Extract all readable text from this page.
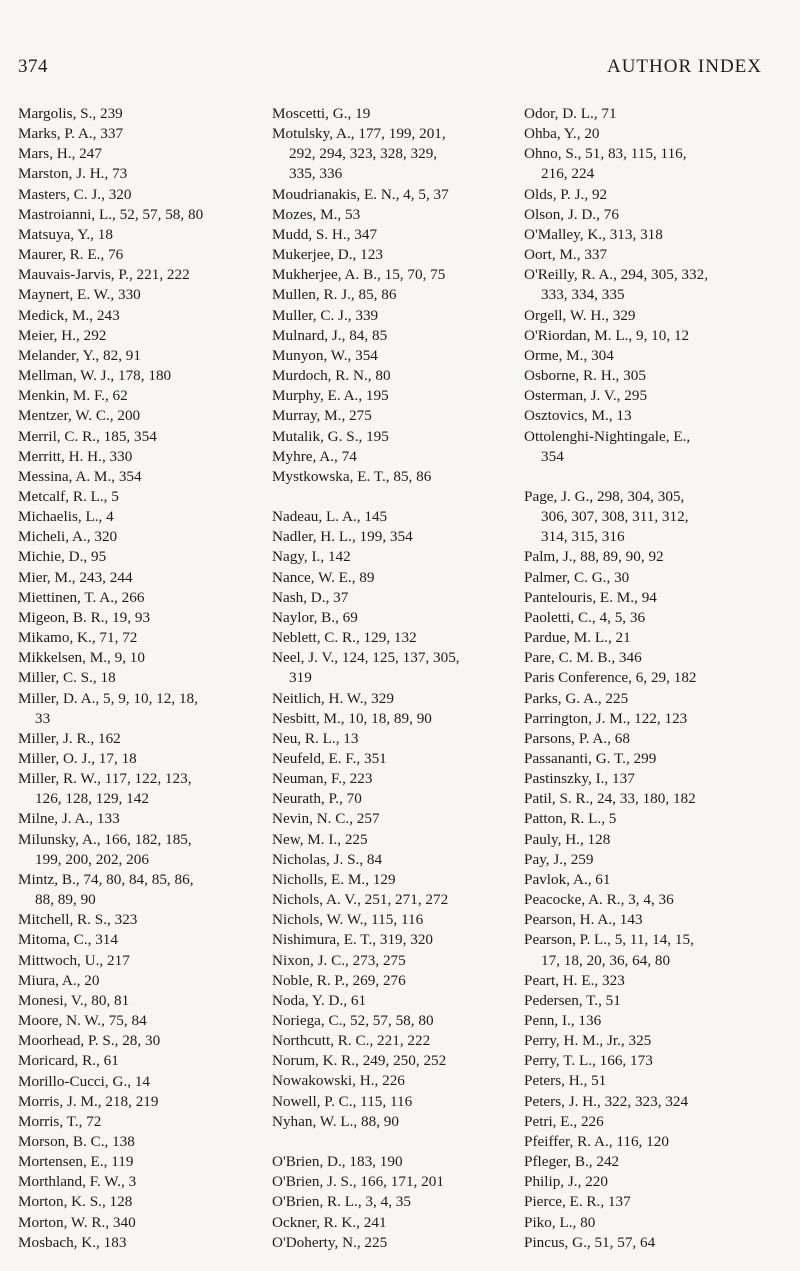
374	AUTHOR INDEX

Margolis, S., 239

Marks, P. A., 337

Mars, H., 247

Marston, J. H., 73

Masters, C. J., 320

Mastroianni, L., 52, 57, 58, 80

Matsuya, Y., 18

Maurer, R. E., 76

Mauvais-Jarvis, P., 221, 222

Maynert, E. W., 330

Medick, M., 243

Meier, H., 292

Melander, Y., 82, 91

Mellman, W. J., 178, 180

Menkin, M. F., 62

Mentzer, W. C., 200

Merril, C. R., 185, 354

Merritt, H. H., 330

Messina, A. M., 354

Metcalf, R. L., 5

Michaelis, L., 4

Micheli, A., 320

Michie, D., 95

Mier, M., 243, 244

Miettinen, T. A., 266

Migeon, B. R., 19, 93

Mikamo, K., 71, 72

Mikkelsen, M., 9, 10

Miller, C. S., 18

Miller, D. A., 5, 9, 10, 12, 18,
33

Miller, J. R., 162

Miller, O. J., 17, 18

Miller, R. W., 117, 122, 123,
126, 128, 129, 142

Milne, J. A., 133

Milunsky, A., 166, 182, 185,
199, 200, 202, 206

Mintz, B., 74, 80, 84, 85, 86,
88, 89, 90

Mitchell, R. S., 323

Mitoma, C., 314

Mittwoch, U., 217

Miura, A., 20

Monesi, V., 80, 81

Moore, N. W., 75, 84

Moorhead, P. S., 28, 30

Moricard, R., 61

Morillo-Cucci, G., 14

Morris, J. M., 218, 219

Morris, T., 72

Morson, B. C., 138

Mortensen, E., 119

Morthland, F. W., 3

Morton, K. S., 128

Morton, W. R., 340

Mosbach, K., 183

Moscetti, G., 19

Motulsky, A., 177, 199, 201,
292, 294, 323, 328, 329,
335, 336

Moudrianakis, E. N., 4, 5, 37

Mozes, M., 53

Mudd, S. H., 347

Mukerjee, D., 123

Mukherjee, A. B., 15, 70, 75

Mullen, R. J., 85, 86

Muller, C. J., 339

Mulnard, J., 84, 85

Munyon, W., 354

Murdoch, R. N., 80

Murphy, E. A., 195

Murray, M., 275

Mutalik, G. S., 195

Myhre, A., 74

Mystkowska, E. T., 85, 86

Nadeau, L. A., 145

Nadler, H. L., 199, 354

Nagy, I., 142

Nance, W. E., 89

Nash, D., 37

Naylor, B., 69

Neblett, C. R., 129, 132

Neel, J. V., 124, 125, 137, 305,
319

Neitlich, H. W., 329

Nesbitt, M., 10, 18, 89, 90

Neu, R. L., 13

Neufeld, E. F., 351

Neuman, F., 223

Neurath, P., 70

Nevin, N. C., 257

New, M. I., 225

Nicholas, J. S., 84

Nicholls, E. M., 129

Nichols, A. V., 251, 271, 272

Nichols, W. W., 115, 116

Nishimura, E. T., 319, 320

Nixon, J. C., 273, 275

Noble, R. P., 269, 276

Noda, Y. D., 61

Noriega, C., 52, 57, 58, 80

Northcutt, R. C., 221, 222

Norum, K. R., 249, 250, 252

Nowakowski, H., 226

Nowell, P. C., 115, 116

Nyhan, W. L., 88, 90

O'Brien, D., 183, 190

O'Brien, J. S., 166, 171, 201

O'Brien, R. L., 3, 4, 35

Ockner, R. K., 241

O'Doherty, N., 225

Odor, D. L., 71

Ohba, Y., 20

Ohno, S., 51, 83, 115, 116,
216, 224

Olds, P. J., 92

Olson, J. D., 76

O'Malley, K., 313, 318

Oort, M., 337

O'Reilly, R. A., 294, 305, 332,
333, 334, 335

Orgell, W. H., 329

O'Riordan, M. L., 9, 10, 12

Orme, M., 304

Osborne, R. H., 305

Osterman, J. V., 295

Osztovics, M., 13

Ottolenghi-Nightingale, E.,
354

Page, J. G., 298, 304, 305,
306, 307, 308, 311, 312,
314, 315, 316

Palm, J., 88, 89, 90, 92

Palmer, C. G., 30

Pantelouris, E. M., 94

Paoletti, C., 4, 5, 36

Pardue, M. L., 21

Pare, C. M. B., 346

Paris Conference, 6, 29, 182

Parks, G. A., 225

Parrington, J. M., 122, 123

Parsons, P. A., 68

Passananti, G. T., 299

Pastinszky, I., 137

Patil, S. R., 24, 33, 180, 182

Patton, R. L., 5

Pauly, H., 128

Pay, J., 259

Pavlok, A., 61

Peacocke, A. R., 3, 4, 36

Pearson, H. A., 143

Pearson, P. L., 5, 11, 14, 15,
17, 18, 20, 36, 64, 80

Peart, H. E., 323

Pedersen, T., 51

Penn, I., 136

Perry, H. M., Jr., 325

Perry, T. L., 166, 173

Peters, H., 51

Peters, J. H., 322, 323, 324

Petri, E., 226

Pfeiffer, R. A., 116, 120

Pfleger, B., 242

Philip, J., 220

Pierce, E. R., 137

Piko, L., 80

Pincus, G., 51, 57, 64
